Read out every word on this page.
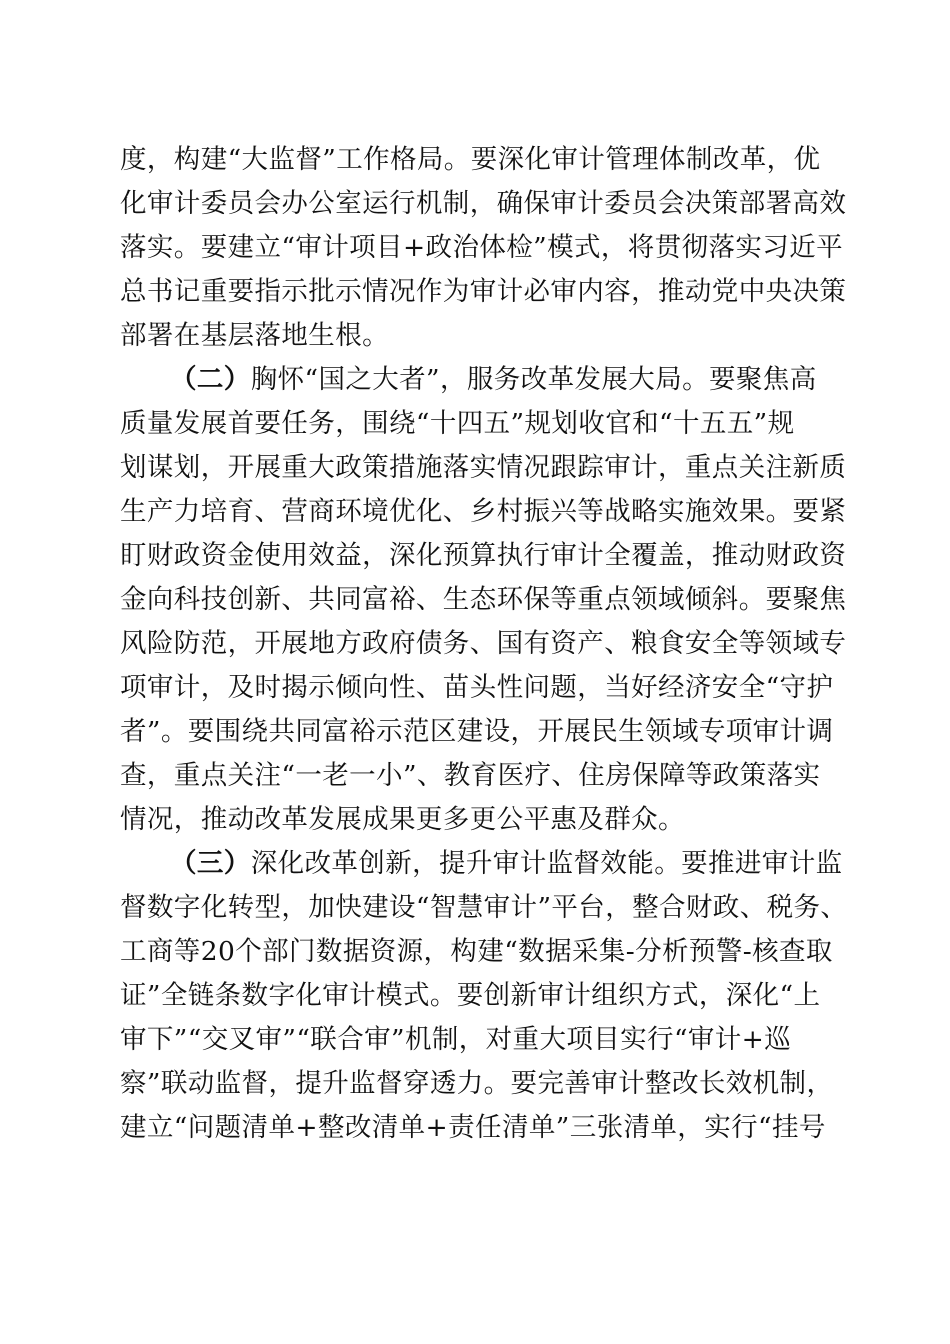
度，构建“大监督”工作格局。要深化审计管理体制改革，优
化审计委员会办公室运行机制，确保审计委员会决策部署高效
落实。要建立“审计项目+政治体检”模式，将贯彻落实习近平
总书记重要指示批示情况作为审计必审内容，推动党中央决策
部署在基层落地生根。
（二）胸怀“国之大者”，服务改革发展大局。要聚焦高
质量发展首要任务，围绕“十四五”规划收官和“十五五”规
划谋划，开展重大政策措施落实情况跟踪审计，重点关注新质
生产力培育、营商环境优化、乡村振兴等战略实施效果。要紧
盯财政资金使用效益，深化预算执行审计全覆盖，推动财政资
金向科技创新、共同富裕、生态环保等重点领域倾斜。要聚焦
风险防范，开展地方政府债务、国有资产、粮食安全等领域专
项审计，及时揭示倾向性、苗头性问题，当好经济安全“守护
者”。要围绕共同富裕示范区建设，开展民生领域专项审计调
查，重点关注“一老一小”、教育医疗、住房保障等政策落实
情况，推动改革发展成果更多更公平惠及群众。
（三）深化改革创新，提升审计监督效能。要推进审计监
督数字化转型，加快建设“智慧审计”平台，整合财政、税务、
工商等20个部门数据资源，构建“数据采集-分析预警-核查取
证”全链条数字化审计模式。要创新审计组织方式，深化“上
审下”“交叉审”“联合审”机制，对重大项目实行“审计+巡
察”联动监督，提升监督穿透力。要完善审计整改长效机制，
建立“问题清单+整改清单+责任清单”三张清单，实行“挂号
